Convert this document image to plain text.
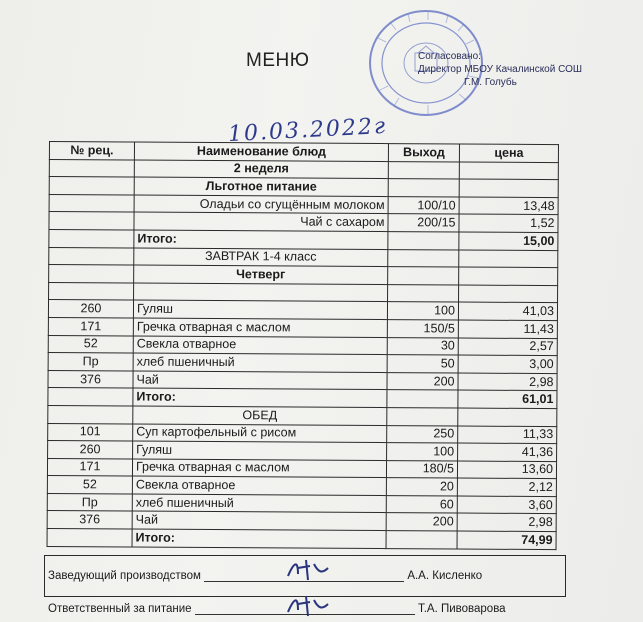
МЕНЮ	Согласовано:
Директор МБОУ Качалинской СОШ
Г.М. Голубь
10.03.2022г
№ рец.	Наименование блюд	Выход	цена
	2 неделя		
	Льготное питание		
	Оладьи со сгущённым молоком	100/10	13,48
	Чай с сахаром	200/15	1,52
	Итого:		15,00
	ЗАВТРАК 1-4 класс		
	Четверг		

260	Гуляш	100	41,03
171	Гречка отварная с маслом	150/5	11,43
52	Свекла отварное	30	2,57
Пр	хлеб пшеничный	50	3,00
376	Чай	200	2,98
	Итого:		61,01
	ОБЕД		
101	Суп картофельный с рисом	250	11,33
260	Гуляш	100	41,36
171	Гречка отварная с маслом	180/5	13,60
52	Свекла отварное	20	2,12
Пр	хлеб пшеничный	60	3,60
376	Чай	200	2,98
	Итого:		74,99
Заведующий производством	А.А. Кисленко
Ответственный за питание	Т.А. Пивоварова
